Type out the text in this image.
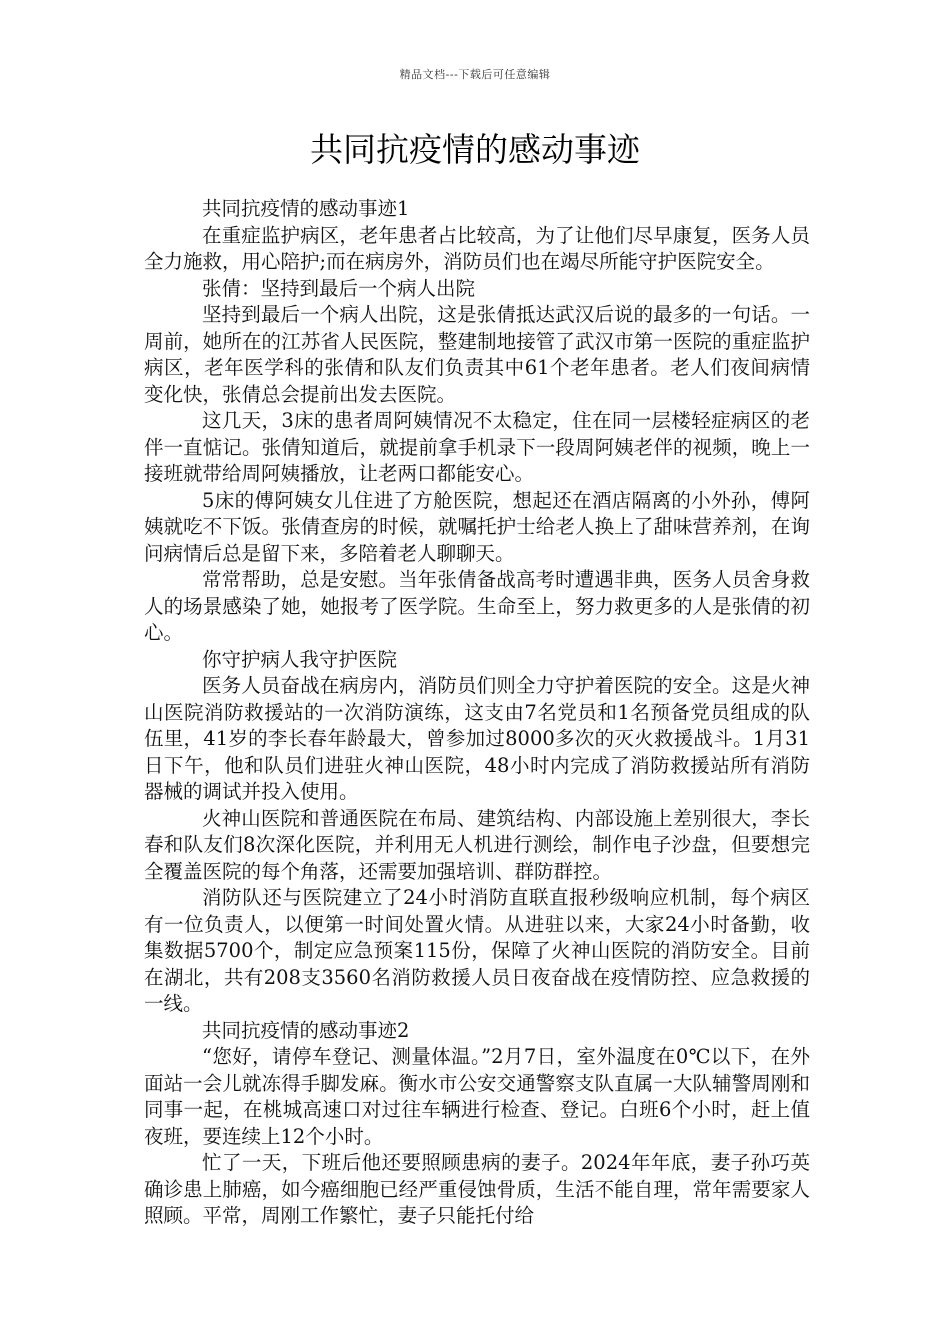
精品文档---下载后可任意编辑
共同抗疫情的感动事迹

共同抗疫情的感动事迹1

在重症监护病区，老年患者占比较高，为了让他们尽早康复，医务人员全力施救，用心陪护;而在病房外，消防员们也在竭尽所能守护医院安全。

张倩：坚持到最后一个病人出院

坚持到最后一个病人出院，这是张倩抵达武汉后说的最多的一句话。一周前，她所在的江苏省人民医院，整建制地接管了武汉市第一医院的重症监护病区，老年医学科的张倩和队友们负责其中61个老年患者。老人们夜间病情变化快，张倩总会提前出发去医院。

这几天，3床的患者周阿姨情况不太稳定，住在同一层楼轻症病区的老伴一直惦记。张倩知道后，就提前拿手机录下一段周阿姨老伴的视频，晚上一接班就带给周阿姨播放，让老两口都能安心。

5床的傅阿姨女儿住进了方舱医院，想起还在酒店隔离的小外孙，傅阿姨就吃不下饭。张倩查房的时候，就嘱托护士给老人换上了甜味营养剂，在询问病情后总是留下来，多陪着老人聊聊天。

常常帮助，总是安慰。当年张倩备战高考时遭遇非典，医务人员舍身救人的场景感染了她，她报考了医学院。生命至上，努力救更多的人是张倩的初心。

你守护病人我守护医院

医务人员奋战在病房内，消防员们则全力守护着医院的安全。这是火神山医院消防救援站的一次消防演练，这支由7名党员和1名预备党员组成的队伍里，41岁的李长春年龄最大，曾参加过8000多次的灭火救援战斗。1月31日下午，他和队员们进驻火神山医院，48小时内完成了消防救援站所有消防器械的调试并投入使用。

火神山医院和普通医院在布局、建筑结构、内部设施上差别很大，李长春和队友们8次深化医院，并利用无人机进行测绘，制作电子沙盘，但要想完全覆盖医院的每个角落，还需要加强培训、群防群控。

消防队还与医院建立了24小时消防直联直报秒级响应机制，每个病区有一位负责人，以便第一时间处置火情。从进驻以来，大家24小时备勤，收集数据5700个，制定应急预案115份，保障了火神山医院的消防安全。目前在湖北，共有208支3560名消防救援人员日夜奋战在疫情防控、应急救援的一线。

共同抗疫情的感动事迹2

“您好，请停车登记、测量体温。”2月7日，室外温度在0℃以下，在外面站一会儿就冻得手脚发麻。衡水市公安交通警察支队直属一大队辅警周刚和同事一起，在桃城高速口对过往车辆进行检查、登记。白班6个小时，赶上值夜班，要连续上12个小时。

忙了一天，下班后他还要照顾患病的妻子。2024年年底，妻子孙巧英确诊患上肺癌，如今癌细胞已经严重侵蚀骨质，生活不能自理，常年需要家人照顾。平常，周刚工作繁忙，妻子只能托付给
